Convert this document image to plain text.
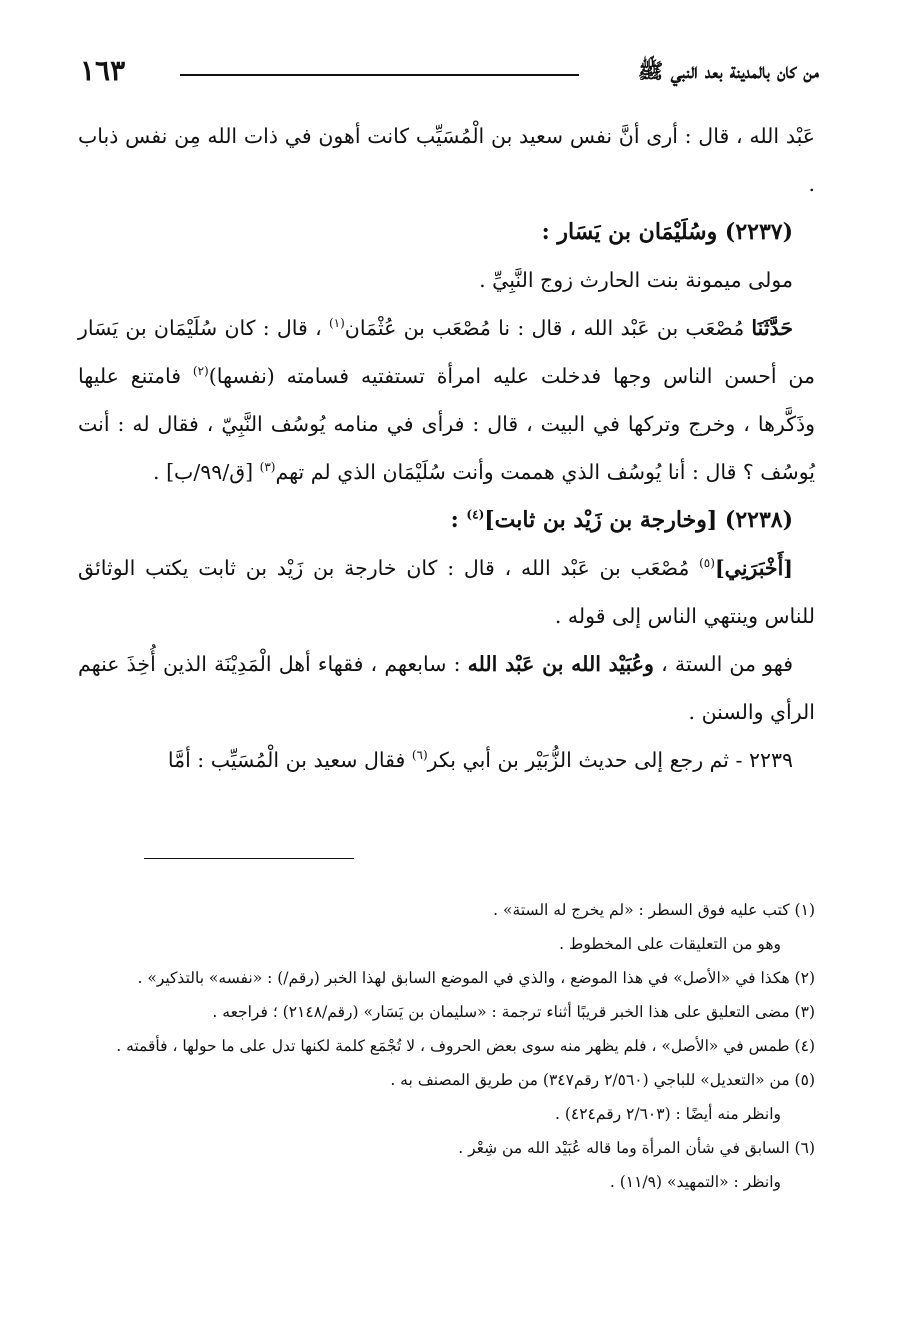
من كان بالمدينة بعد النبي ﷺ
١٦٣

عَبْد الله ، قال : أرى أنَّ نفس سعيد بن الْمُسَيِّب كانت أهون في ذات الله مِن نفس ذباب .

(٢٢٣٧) وسُلَيْمَان بن يَسَار :

مولى ميمونة بنت الحارث زوج النَّبِيِّ .

حَدَّثَنَا مُصْعَب بن عَبْد الله ، قال : نا مُصْعَب بن عُثْمَان$^{(١)}$ ، قال : كان سُلَيْمَان بن يَسَار من أحسن الناس وجها فدخلت عليه امرأة تستفتيه فسامته (نفسها)$^{(٢)}$ فامتنع عليها وذَكَّرها ، وخرج وتركها في البيت ، قال : فرأى في منامه يُوسُف النَّبِيّ ، فقال له : أنت يُوسُف ؟ قال : أنا يُوسُف الذي هممت وأنت سُلَيْمَان الذي لم تهم$^{(٣)}$ [ق/٩٩/ب] .

(٢٢٣٨) [وخارجة بن زَيْد بن ثابت]$^{(٤)}$ :

[أَخْبَرَنِي]$^{(٥)}$ مُصْعَب بن عَبْد الله ، قال : كان خارجة بن زَيْد بن ثابت يكتب الوثائق للناس وينتهي الناس إلى قوله .

فهو من الستة ، وعُبَيْد الله بن عَبْد الله : سابعهم ، فقهاء أهل الْمَدِيْنَة الذين أُخِذَ عنهم الرأي والسنن .

٢٢٣٩ - ثم رجع إلى حديث الزُّبَيْر بن أبي بكر$^{(٦)}$ فقال سعيد بن الْمُسَيِّب : أمَّا

(١) كتب عليه فوق السطر : «لم يخرج له الستة» .

وهو من التعليقات على المخطوط .

(٢) هكذا في «الأصل» في هذا الموضع ، والذي في الموضع السابق لهذا الخبر (رقم/) : «نفسه» بالتذكير» .

(٣) مضى التعليق على هذا الخبر قريبًا أثناء ترجمة : «سليمان بن يَسَار» (رقم/٢١٤٨) ؛ فراجعه .

(٤) طمس في «الأصل» ، فلم يظهر منه سوى بعض الحروف ، لا تُجْمَع كلمة لكنها تدل على ما حولها ، فأقمته .

(٥) من «التعديل» للباجي (٢/٥٦٠ رقم٣٤٧) من طريق المصنف به .

وانظر منه أيضًا : (٢/٦٠٣ رقم٤٢٤) .

(٦) السابق في شأن المرأة وما قاله عُبَيْد الله من شِعْر .

وانظر : «التمهيد» (١١/٩) .
